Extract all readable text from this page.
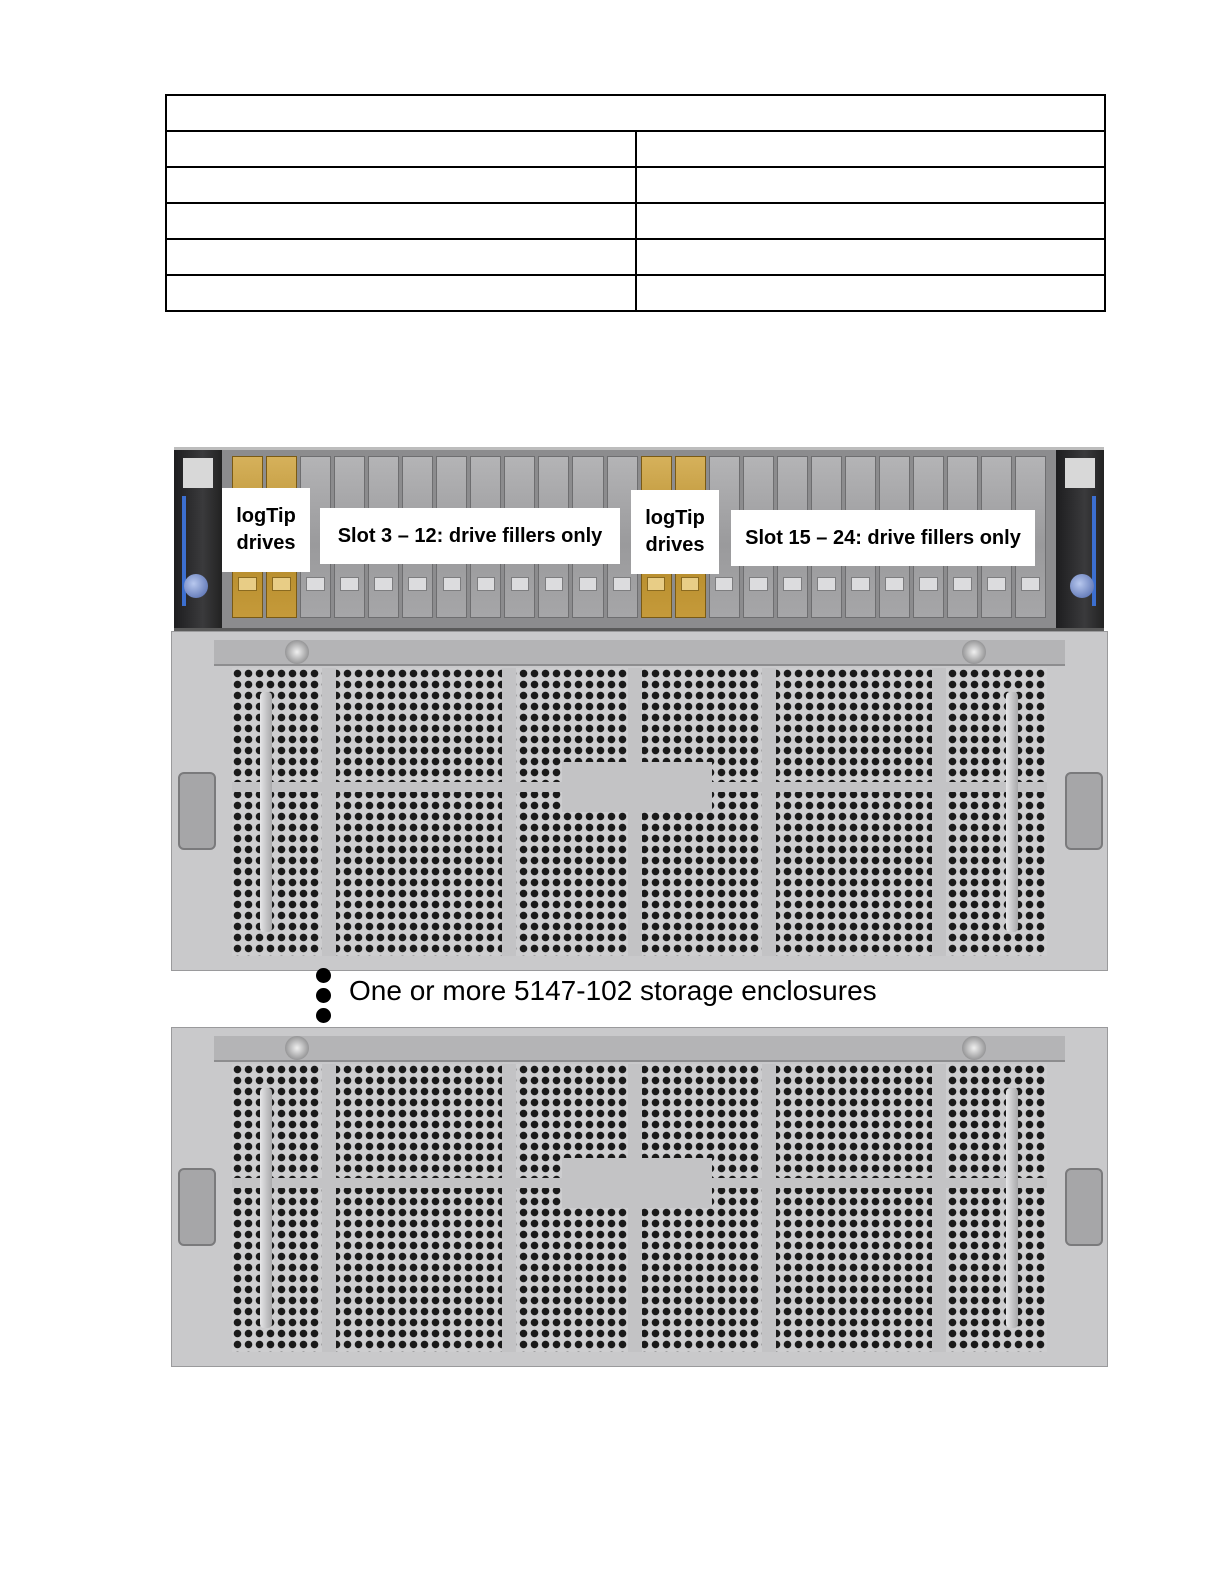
logTip drives	Slot 3 – 12: drive fillers only
logTip drives	Slot 15 – 24: drive fillers only
One or more 5147-102 storage enclosures
